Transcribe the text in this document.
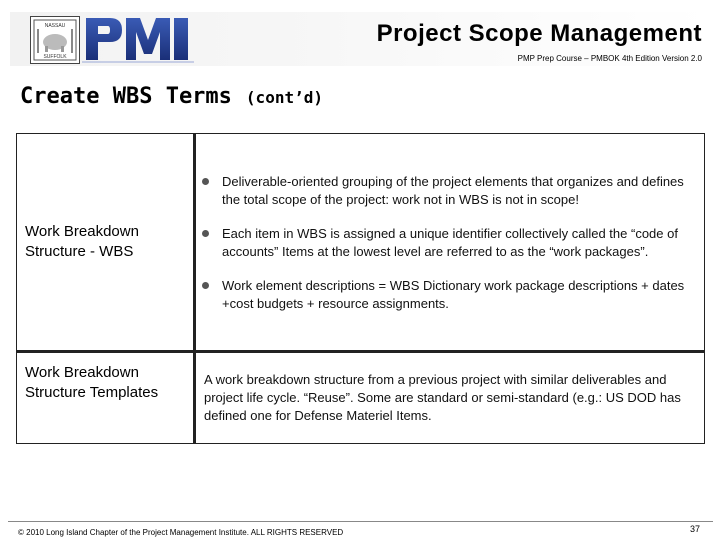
NASSAU
SUFFOLK
Project Scope Management
PMP Prep Course – PMBOK 4th Edition Version 2.0
Create WBS Terms (cont’d)
Work Breakdown Structure - WBS	Deliverable-oriented grouping of the project elements that organizes and defines the total scope of the project: work not in WBS is not in scope!
Each item in WBS is assigned a unique identifier collectively called the “code of accounts” Items at the lowest level are referred to as the “work packages”.
Work element descriptions = WBS Dictionary work package descriptions + dates +cost budgets + resource assignments.

Work Breakdown Structure Templates	A work breakdown structure from a previous project with similar deliverables and project life cycle. “Reuse”. Some are standard or semi-standard (e.g.: US DOD has defined one for Defense Materiel Items.
© 2010 Long Island Chapter of the Project Management Institute. ALL RIGHTS RESERVED	37
